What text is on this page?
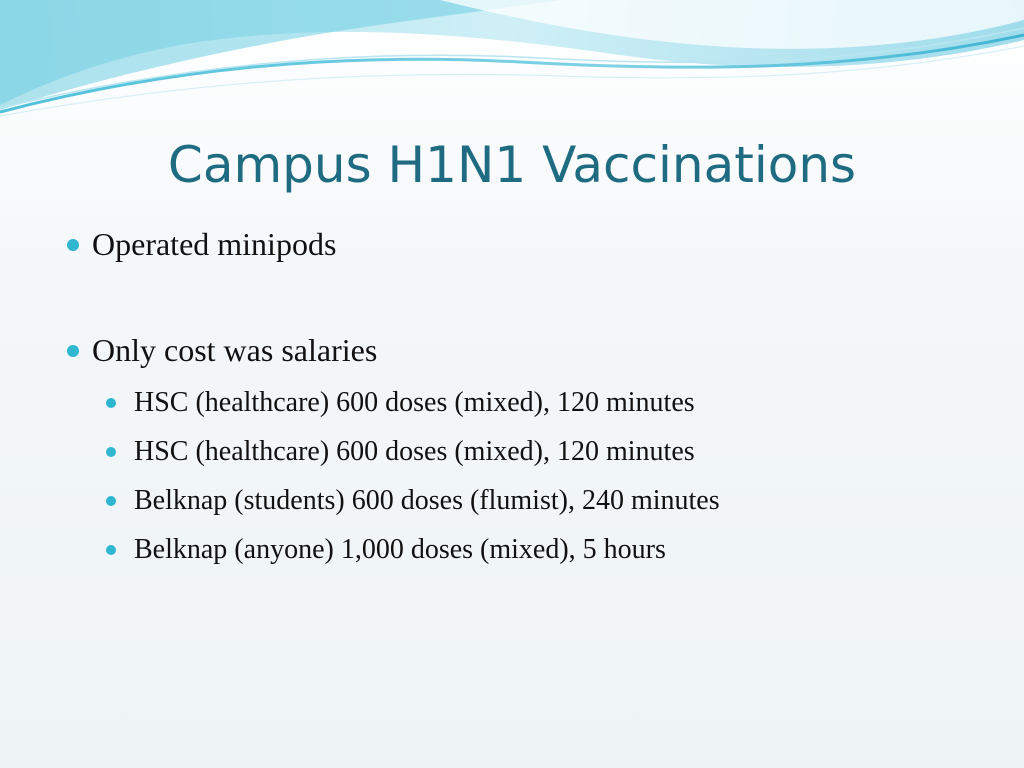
Campus H1N1 Vaccinations
Operated minipods
Only cost was salaries
HSC (healthcare) 600 doses (mixed), 120 minutes
HSC (healthcare) 600 doses (mixed), 120 minutes
Belknap (students) 600 doses (flumist), 240 minutes
Belknap (anyone) 1,000 doses (mixed), 5 hours
